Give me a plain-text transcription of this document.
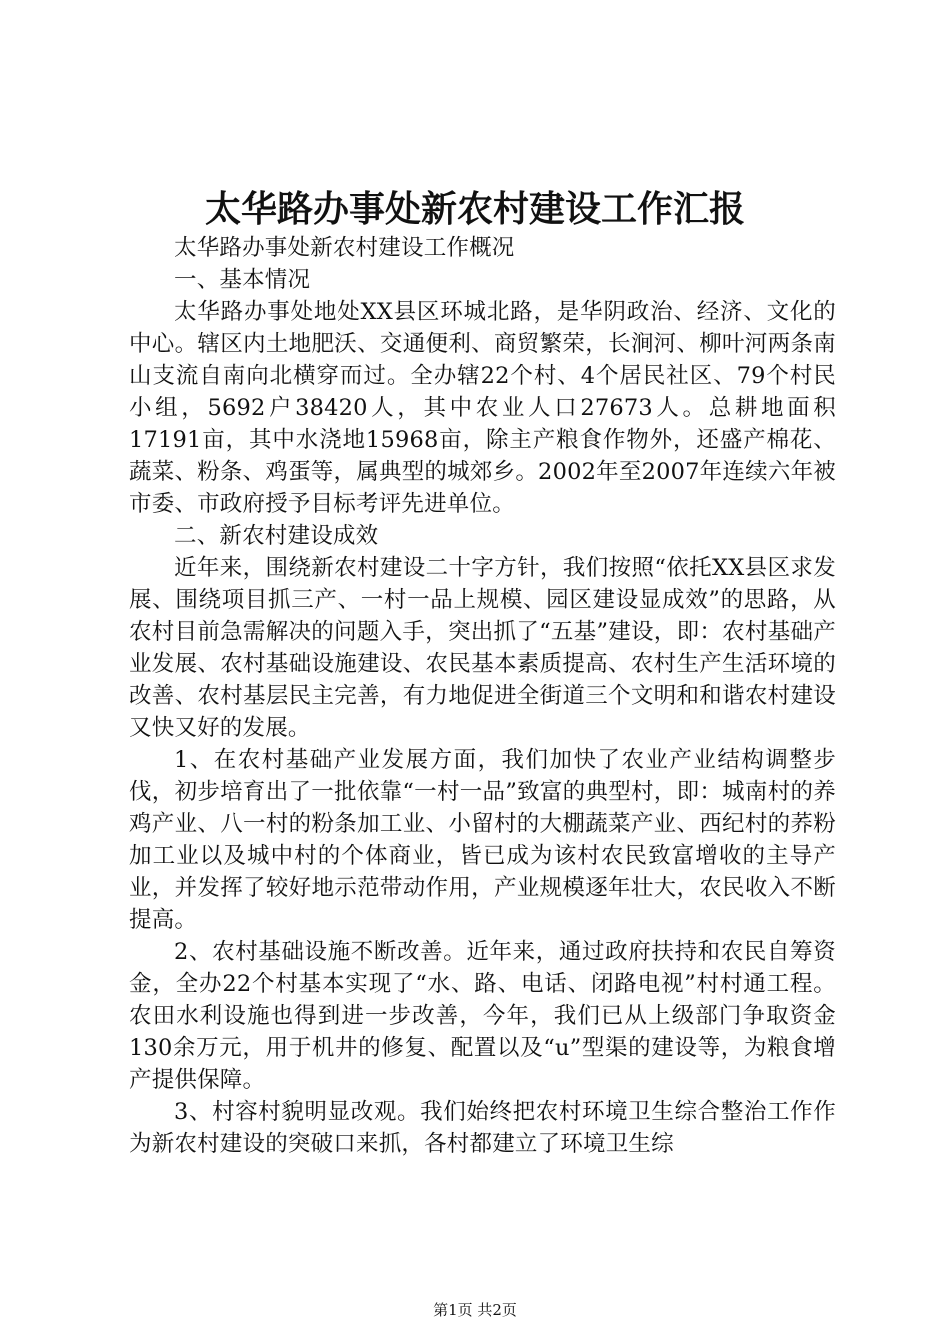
太华路办事处新农村建设工作汇报

太华路办事处新农村建设工作概况

一、基本情况

太华路办事处地处XX县区环城北路，是华阴政治、经济、文化的中心。辖区内土地肥沃、交通便利、商贸繁荣，长涧河、柳叶河两条南山支流自南向北横穿而过。全办辖22个村、4个居民社区、79个村民小组，5692户38420人，其中农业人口27673人。总耕地面积17191亩，其中水浇地15968亩，除主产粮食作物外，还盛产棉花、蔬菜、粉条、鸡蛋等，属典型的城郊乡。2002年至2007年连续六年被市委、市政府授予目标考评先进单位。

二、新农村建设成效

近年来，围绕新农村建设二十字方针，我们按照“依托XX县区求发展、围绕项目抓三产、一村一品上规模、园区建设显成效”的思路，从农村目前急需解决的问题入手，突出抓了“五基”建设，即：农村基础产业发展、农村基础设施建设、农民基本素质提高、农村生产生活环境的改善、农村基层民主完善，有力地促进全街道三个文明和和谐农村建设又快又好的发展。

1、在农村基础产业发展方面，我们加快了农业产业结构调整步伐，初步培育出了一批依靠“一村一品”致富的典型村，即：城南村的养鸡产业、八一村的粉条加工业、小留村的大棚蔬菜产业、西纪村的荞粉加工业以及城中村的个体商业，皆已成为该村农民致富增收的主导产业，并发挥了较好地示范带动作用，产业规模逐年壮大，农民收入不断提高。

2、农村基础设施不断改善。近年来，通过政府扶持和农民自筹资金，全办22个村基本实现了“水、路、电话、闭路电视”村村通工程。农田水利设施也得到进一步改善，今年，我们已从上级部门争取资金130余万元，用于机井的修复、配置以及“u”型渠的建设等，为粮食增产提供保障。

3、村容村貌明显改观。我们始终把农村环境卫生综合整治工作作为新农村建设的突破口来抓，各村都建立了环境卫生综

第1页 共2页
